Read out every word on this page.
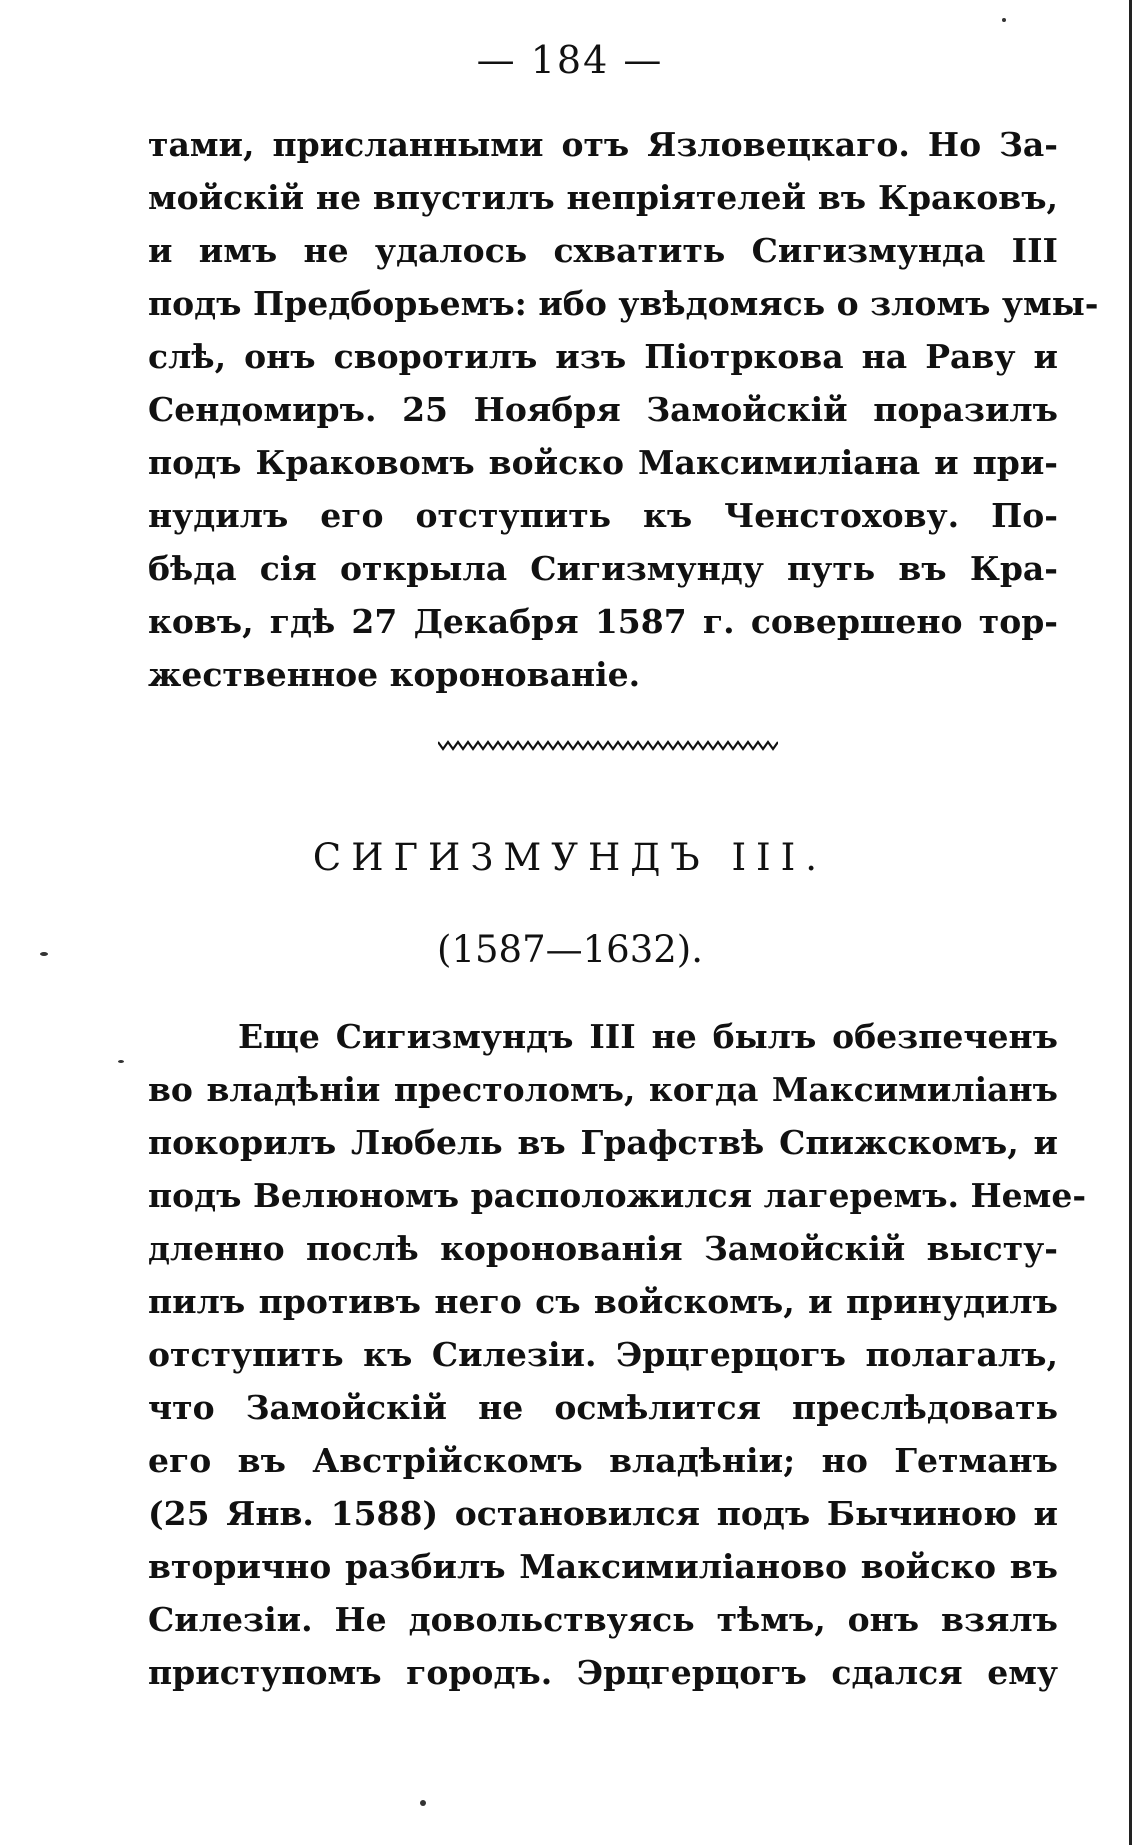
— 184 —
тами, присланными отъ Язловецкаго. Но За-
мойскій не впустилъ непріятелей въ Краковъ,
и имъ не удалось схватить Сигизмунда III
подъ Предборьемъ: ибо увѣдомясь о зломъ умы-
слѣ, онъ своротилъ изъ Піотркова на Раву и
Сендомиръ. 25 Ноября Замойскій поразилъ
подъ Краковомъ войско Максимиліана и при-
нудилъ его отступить къ Ченстохову. По-
бѣда сія открыла Сигизмунду путь въ Кра-
ковъ, гдѣ 27 Декабря 1587 г. совершено тор-
жественное коронованіе.
СИГИЗМУНДЪ III.
(1587—1632).
Еще Сигизмундъ III не былъ обезпеченъ
во владѣніи престоломъ, когда Максимиліанъ
покорилъ Любель въ Графствѣ Спижскомъ, и
подъ Велюномъ расположился лагеремъ. Неме-
дленно послѣ коронованія Замойскій высту-
пилъ противъ него съ войскомъ, и принудилъ
отступить къ Силезіи. Эрцгерцогъ полагалъ,
что Замойскій не осмѣлится преслѣдовать
его въ Австрійскомъ владѣніи; но Гетманъ
(25 Янв. 1588) остановился подъ Бычиною и
вторично разбилъ Максимиліаново войско въ
Силезіи. Не довольствуясь тѣмъ, онъ взялъ
приступомъ городъ. Эрцгерцогъ сдался ему
